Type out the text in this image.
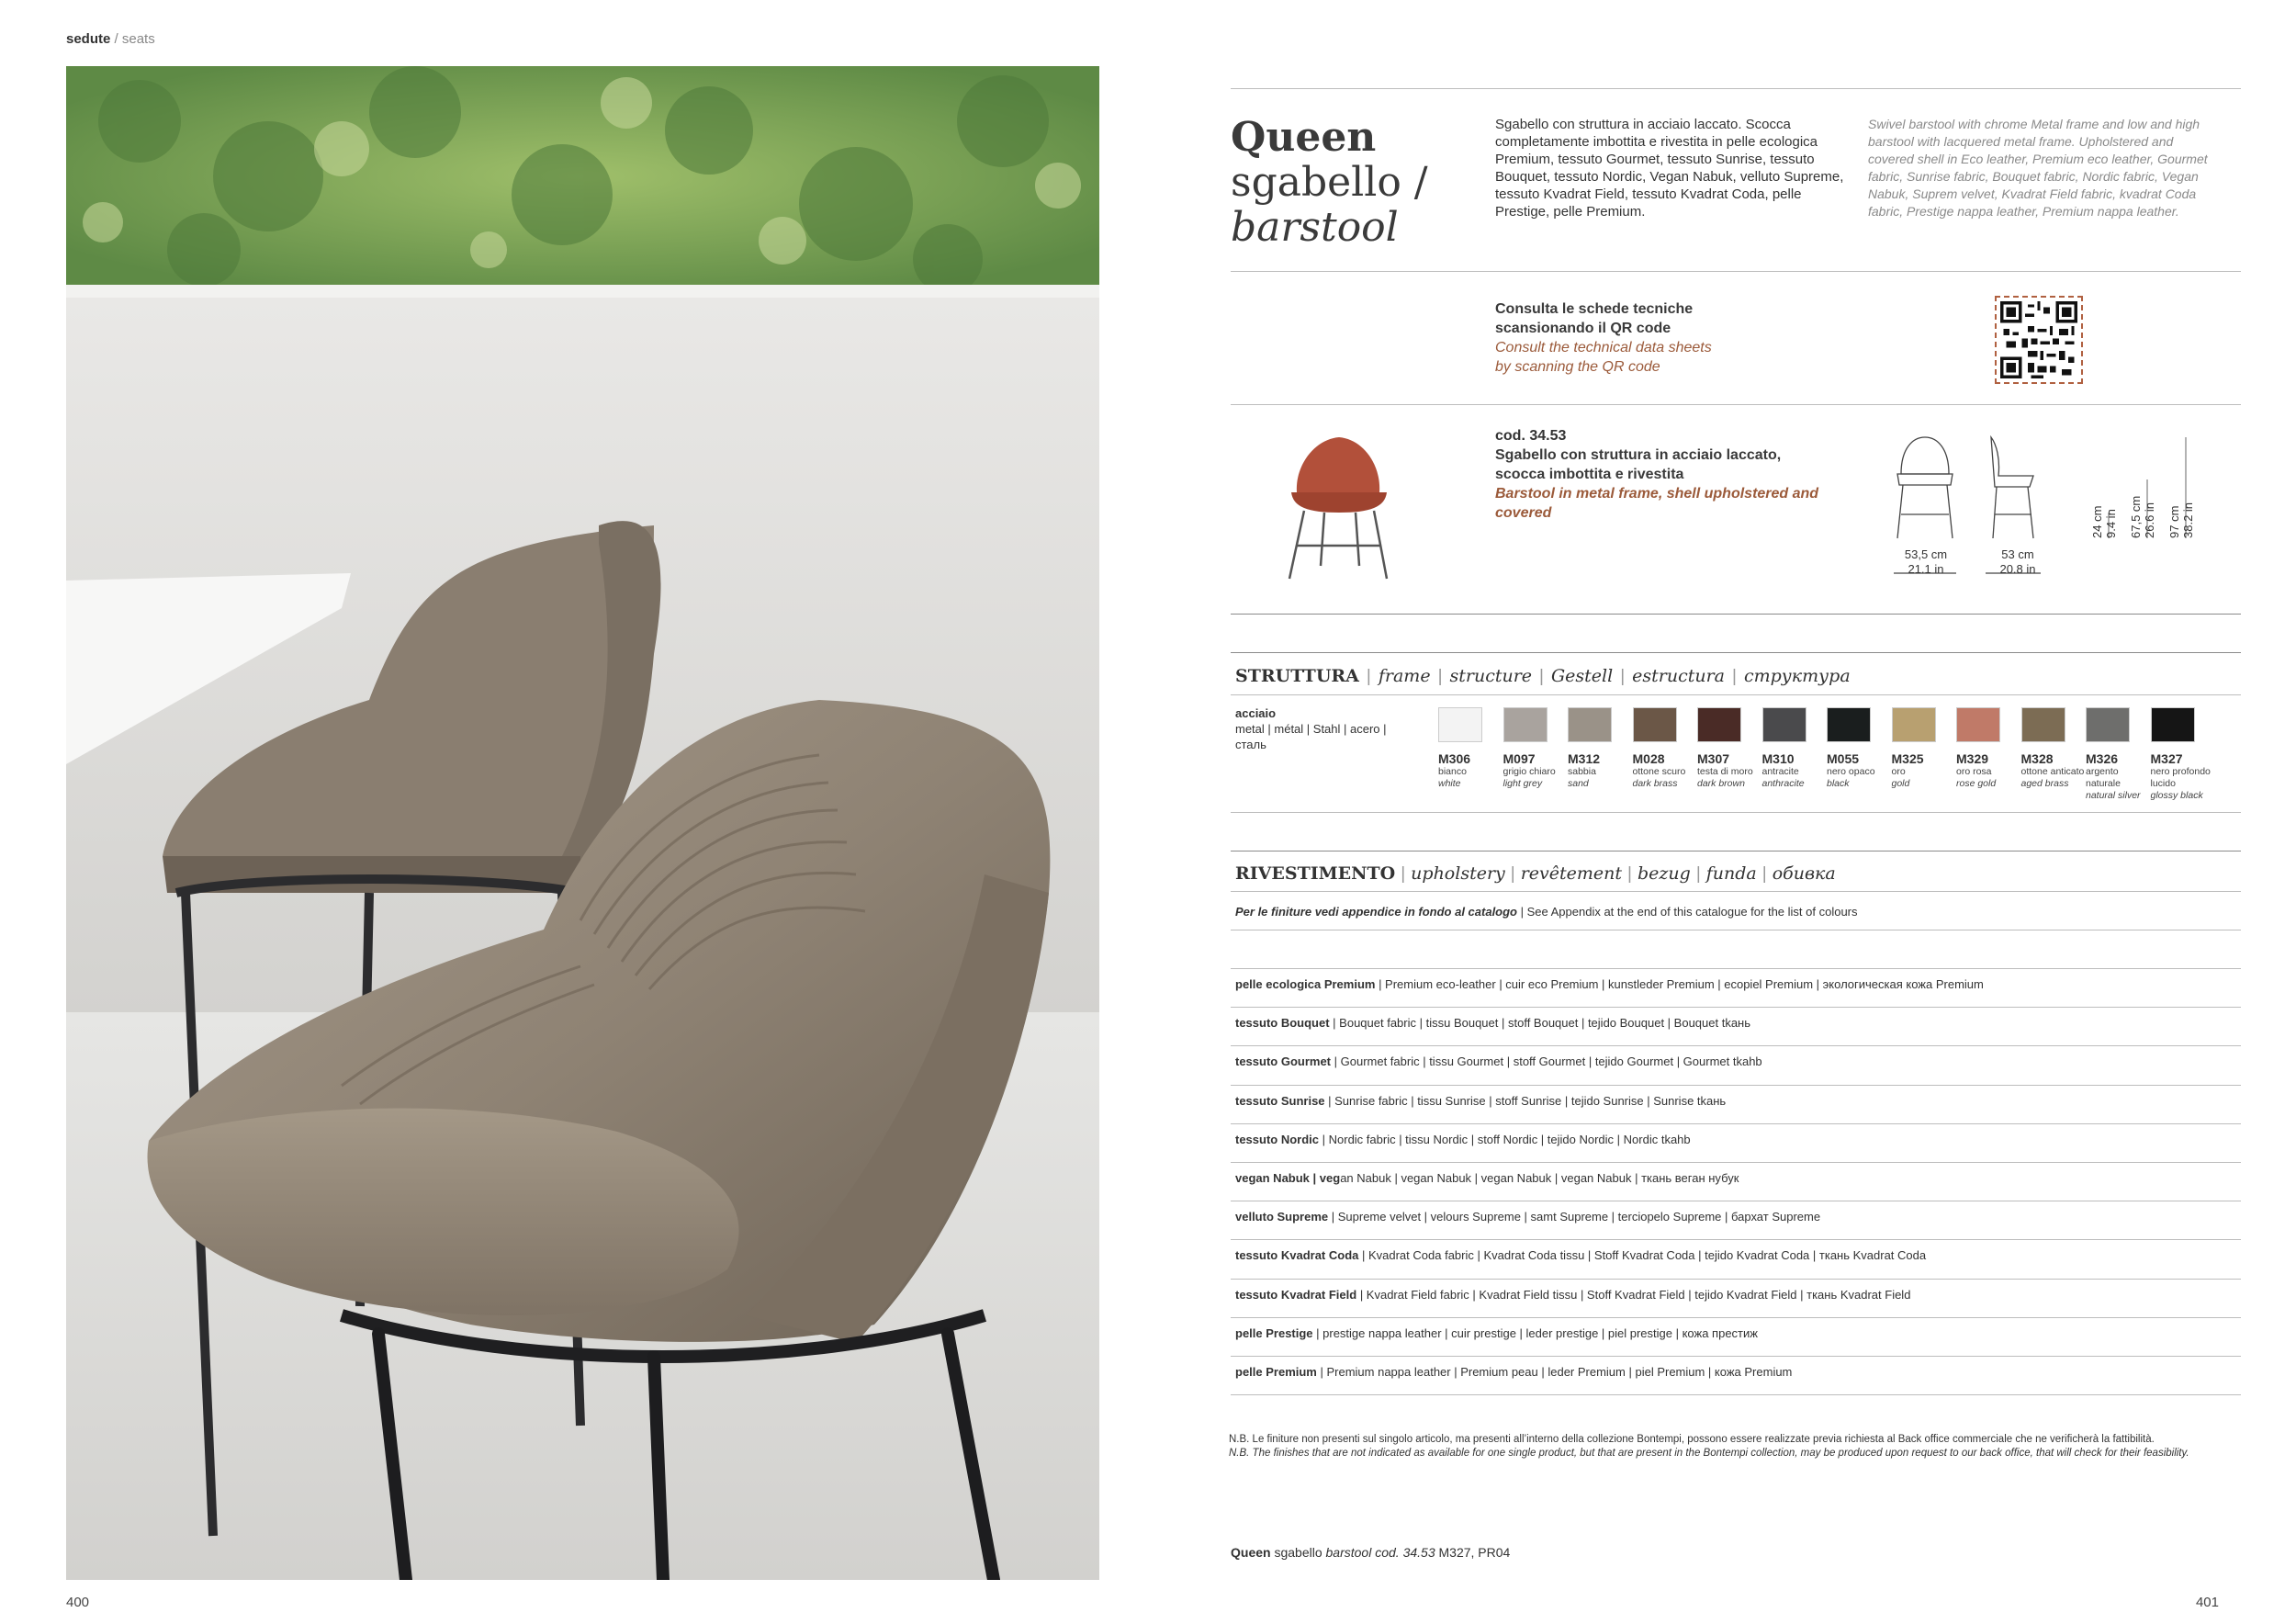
sedute / seats
400
Queen
sgabello /
barstool
Sgabello con struttura in acciaio laccato. Scocca completamente imbottita e rivestita in pelle ecologica Premium, tessuto Gourmet, tessuto Sunrise, tessuto Bouquet, tessuto Nordic, Vegan Nabuk, velluto Supreme, tessuto Kvadrat Field, tessuto Kvadrat Coda, pelle Prestige, pelle Premium.
Swivel barstool with chrome Metal frame and low and high barstool with lacquered metal frame. Upholstered and covered shell in Eco leather, Premium eco leather, Gourmet fabric, Sunrise fabric, Bouquet fabric, Nordic fabric, Vegan Nabuk, Suprem velvet, Kvadrat Field fabric, kvadrat Coda fabric, Prestige nappa leather, Premium nappa leather.
Consulta le schede tecniche
scansionando il QR code
Consult the technical data sheets
by scanning the QR code
cod. 34.53
Sgabello con struttura in acciaio laccato,
scocca imbottita e rivestita
Barstool in metal frame, shell upholstered and
covered
53,5 cm
21.1 in
53 cm
20.8 in
24 cm 9.4 in 67,5 cm 26.6 in 97 cm 38.2 in
STRUTTURA | frame | structure | Gestell | estructura | структура
acciaio
metal | métal | Stahl | acero |
сталь
M306
bianco
white
M097
grigio chiaro
light grey
M312
sabbia
sand
M028
ottone scuro
dark brass
M307
testa di moro
dark brown
M310
antracite
anthracite
M055
nero opaco
black
M325
oro
gold
M329
oro rosa
rose gold
M328
ottone anticato
aged brass
M326
argento naturale
natural silver
M327
nero profondo lucido
glossy black
RIVESTIMENTO | upholstery | revêtement | bezug | funda | обивка
Per le finiture vedi appendice in fondo al catalogo | See Appendix at the end of this catalogue for the list of colours
pelle ecologica Premium | Premium eco-leather | cuir eco Premium | kunstleder Premium | ecopiel Premium | экологическая кожа Premium
tessuto Bouquet | Bouquet fabric | tissu Bouquet | stoff Bouquet | tejido Bouquet | Bouquet tkaнь
tessuto Gourmet | Gourmet fabric | tissu Gourmet | stoff Gourmet | tejido Gourmet | Gourmet tkahb
tessuto Sunrise | Sunrise fabric | tissu Sunrise | stoff Sunrise | tejido Sunrise | Sunrise tkaнь
tessuto Nordic | Nordic fabric | tissu Nordic | stoff Nordic | tejido Nordic | Nordic tkahb
vegan Nabuk | vegan Nabuk | vegan Nabuk | vegan Nabuk | vegan Nabuk | ткань веган нубук
velluto Supreme | Supreme velvet | velours Supreme | samt Supreme | terciopelo Supreme | бархат Supreme
tessuto Kvadrat Coda | Kvadrat Coda fabric | Kvadrat Coda tissu | Stoff Kvadrat Coda | tejido Kvadrat Coda | ткань Kvadrat Coda
tessuto Kvadrat Field | Kvadrat Field fabric | Kvadrat Field tissu | Stoff Kvadrat Field | tejido Kvadrat Field | ткань Kvadrat Field
pelle Prestige | prestige nappa leather | cuir prestige | leder prestige | piel prestige | кожа престиж
pelle Premium | Premium nappa leather | Premium peau | leder Premium | piel Premium | кожа Premium
N.B. Le finiture non presenti sul singolo articolo, ma presenti all’interno della collezione Bontempi, possono essere realizzate previa richiesta al Back office commerciale che ne verificherà la fattibilità.
N.B. The finishes that are not indicated as available for one single product, but that are present in the Bontempi collection, may be produced upon request to our back office, that will check for their feasibility.
Queen sgabello barstool cod. 34.53 M327, PR04
401
